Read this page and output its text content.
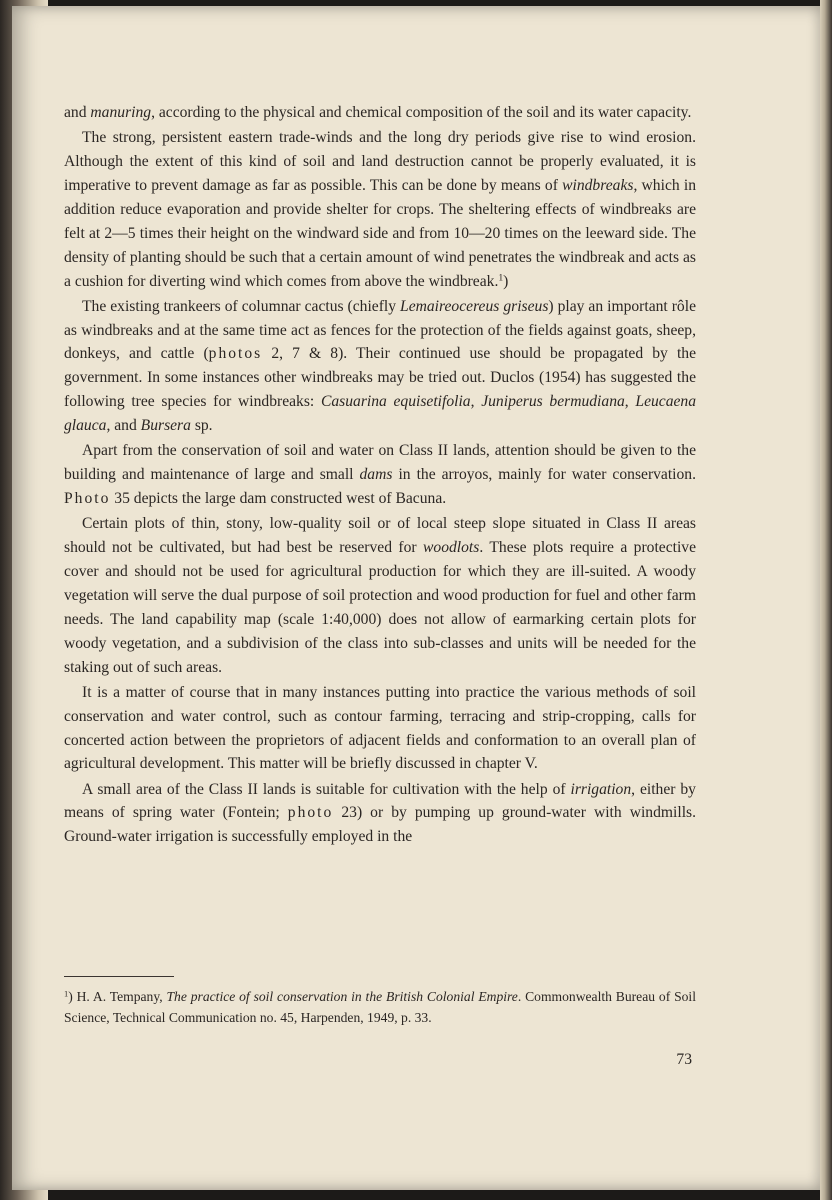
and manuring, according to the physical and chemical composition of the soil and its water capacity.

The strong, persistent eastern trade-winds and the long dry periods give rise to wind erosion. Although the extent of this kind of soil and land destruction cannot be properly evaluated, it is imperative to prevent damage as far as possible. This can be done by means of windbreaks, which in addition reduce evaporation and provide shelter for crops. The sheltering effects of windbreaks are felt at 2—5 times their height on the windward side and from 10—20 times on the leeward side. The density of planting should be such that a certain amount of wind penetrates the windbreak and acts as a cushion for diverting wind which comes from above the windbreak.$^1$)

The existing trankeers of columnar cactus (chiefly Lemaireocereus griseus) play an important rôle as windbreaks and at the same time act as fences for the protection of the fields against goats, sheep, donkeys, and cattle (photos 2, 7 & 8). Their continued use should be propagated by the government. In some instances other windbreaks may be tried out. Duclos (1954) has suggested the following tree species for windbreaks: Casuarina equisetifolia, Juniperus bermudiana, Leucaena glauca, and Bursera sp.

Apart from the conservation of soil and water on Class II lands, attention should be given to the building and maintenance of large and small dams in the arroyos, mainly for water conservation. Photo 35 depicts the large dam constructed west of Bacuna.

Certain plots of thin, stony, low-quality soil or of local steep slope situated in Class II areas should not be cultivated, but had best be reserved for woodlots. These plots require a protective cover and should not be used for agricultural production for which they are ill-suited. A woody vegetation will serve the dual purpose of soil protection and wood production for fuel and other farm needs. The land capability map (scale 1:40,000) does not allow of earmarking certain plots for woody vegetation, and a subdivision of the class into sub-classes and units will be needed for the staking out of such areas.

It is a matter of course that in many instances putting into practice the various methods of soil conservation and water control, such as contour farming, terracing and strip-cropping, calls for concerted action between the proprietors of adjacent fields and conformation to an overall plan of agricultural development. This matter will be briefly discussed in chapter V.

A small area of the Class II lands is suitable for cultivation with the help of irrigation, either by means of spring water (Fontein; photo 23) or by pumping up ground-water with windmills. Ground-water irrigation is successfully employed in the

$^1$) H. A. Tempany, The practice of soil conservation in the British Colonial Empire. Commonwealth Bureau of Soil Science, Technical Communication no. 45, Harpenden, 1949, p. 33.
73
